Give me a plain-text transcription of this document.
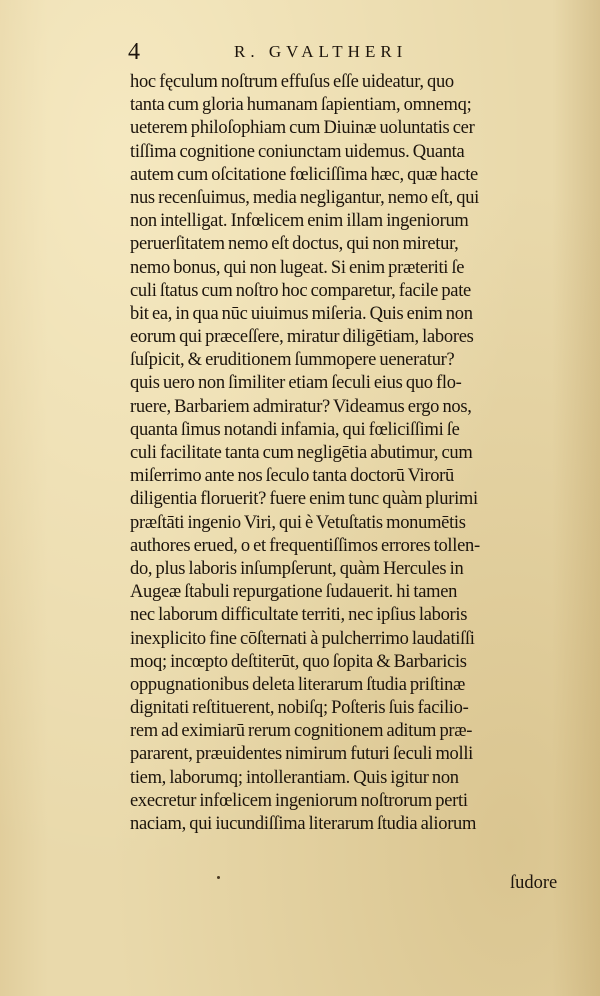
4	R. GVALTHERI
hoc fęculum noſtrum effuſus eſſe uideatur, quo
tanta cum gloria humanam ſapientiam, omnemq;
ueterem philoſophiam cum Diuinæ uoluntatis cer
tiſſima cognitione coniunctam uidemus. Quanta
autem cum oſcitatione fœliciſſima hæc, quæ hacte
nus recenſuimus, media negligantur, nemo eſt, qui
non intelligat. Infœlicem enim illam ingeniorum
peruerſitatem nemo eſt doctus, qui non miretur,
nemo bonus, qui non lugeat. Si enim præteriti ſe
culi ſtatus cum noſtro hoc comparetur, facile pate
bit ea, in qua nūc uiuimus miſeria. Quis enim non
eorum qui præceſſere, miratur diligētiam, labores
ſuſpicit, & eruditionem ſummopere ueneratur?
quis uero non ſimiliter etiam ſeculi eius quo flo-
ruere, Barbariem admiratur? Videamus ergo nos,
quanta ſimus notandi infamia, qui fœliciſſimi ſe
culi facilitate tanta cum negligētia abutimur, cum
miſerrimo ante nos ſeculo tanta doctorū Virorū
diligentia floruerit? fuere enim tunc quàm plurimi
præſtāti ingenio Viri, qui è Vetuſtatis monumētis
authores erued, o et frequentiſſimos errores tollen-
do, plus laboris inſumpſerunt, quàm Hercules in
Augeæ ſtabuli repurgatione ſudauerit. hi tamen
nec laborum difficultate territi, nec ipſius laboris
inexplicito fine cōſternati à pulcherrimo laudatiſſi
moq; incœpto deſtiterūt, quo ſopita & Barbaricis
oppugnationibus deleta literarum ſtudia priſtinæ
dignitati reſtituerent, nobiſq; Poſteris ſuis facilio-
rem ad eximiarū rerum cognitionem aditum præ-
pararent, præuidentes nimirum futuri ſeculi molli
tiem, laborumq; intollerantiam. Quis igitur non
execretur infœlicem ingeniorum noſtrorum perti
naciam, qui iucundiſſima literarum ſtudia aliorum
ſudore
